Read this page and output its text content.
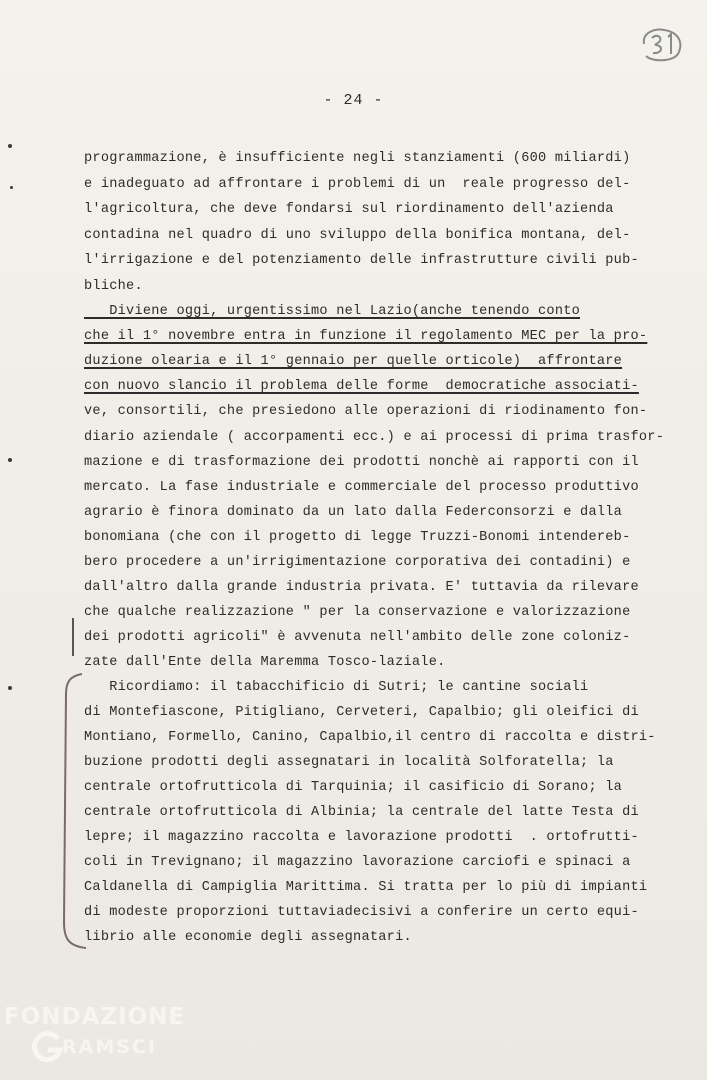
- 24 -
programmazione, è insufficiente negli stanziamenti (600 miliardi)
e inadeguato ad affrontare i problemi di un  reale progresso del-
l'agricoltura, che deve fondarsi sul riordinamento dell'azienda
contadina nel quadro di uno sviluppo della bonifica montana, del-
l'irrigazione e del potenziamento delle infrastrutture civili pub-
bliche.
Diviene oggi, urgentissimo nel Lazio(anche tenendo conto
che il 1° novembre entra in funzione il regolamento MEC per la pro-
duzione olearia e il 1° gennaio per quelle orticole)  affrontare
con nuovo slancio il problema delle forme  democratiche associati-
ve, consortili, che presiedono alle operazioni di riodinamento fon-
diario aziendale ( accorpamenti ecc.) e ai processi di prima trasfor-
mazione e di trasformazione dei prodotti nonchè ai rapporti con il
mercato. La fase industriale e commerciale del processo produttivo
agrario è finora dominato da un lato dalla Federconsorzi e dalla
bonomiana (che con il progetto di legge Truzzi-Bonomi intendereb-
bero procedere a un'irrigimentazione corporativa dei contadini) e
dall'altro dalla grande industria privata. E' tuttavia da rilevare
che qualche realizzazione " per la conservazione e valorizzazione
dei prodotti agricoli" è avvenuta nell'ambito delle zone coloniz-
zate dall'Ente della Maremma Tosco-laziale.
Ricordiamo: il tabacchificio di Sutri; le cantine sociali
di Montefiascone, Pitigliano, Cerveteri, Capalbio; gli oleifici di
Montiano, Formello, Canino, Capalbio,il centro di raccolta e distri-
buzione prodotti degli assegnatari in località Solforatella; la
centrale ortofrutticola di Tarquinia; il casificio di Sorano; la
centrale ortofrutticola di Albinia; la centrale del latte Testa di
lepre; il magazzino raccolta e lavorazione prodotti  . ortofrutti-
coli in Trevignano; il magazzino lavorazione carciofi e spinaci a
Caldanella di Campiglia Marittima. Si tratta per lo più di impianti
di modeste proporzioni tuttaviadecisivi a conferire un certo equi-
librio alle economie degli assegnatari.
FONDAZIONE
RAMSCI
